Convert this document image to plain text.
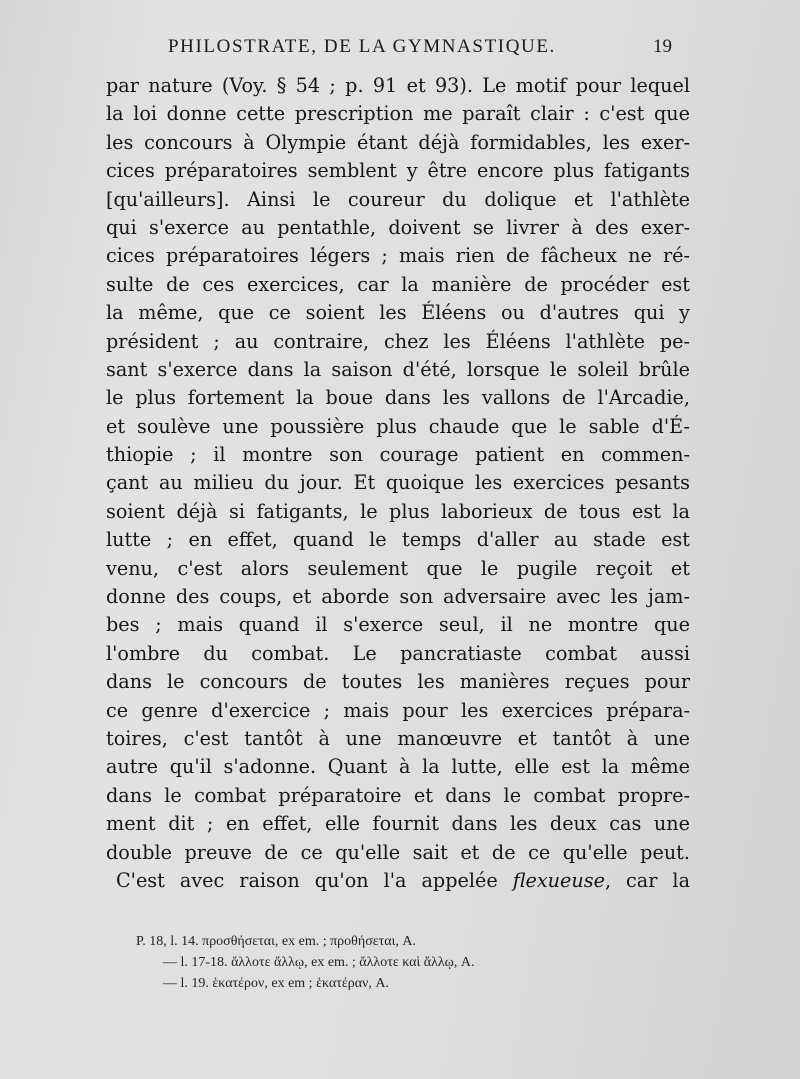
PHILOSTRATE, DE LA GYMNASTIQUE.	19
par nature (Voy. § 54 ; p. 91 et 93). Le motif pour lequel
la loi donne cette prescription me paraît clair : c'est que
les concours à Olympie étant déjà formidables, les exer-
cices préparatoires semblent y être encore plus fatigants
[qu'ailleurs]. Ainsi le coureur du dolique et l'athlète
qui s'exerce au pentathle, doivent se livrer à des exer-
cices préparatoires légers ; mais rien de fâcheux ne ré-
sulte de ces exercices, car la manière de procéder est
la même, que ce soient les Éléens ou d'autres qui y
président ; au contraire, chez les Éléens l'athlète pe-
sant s'exerce dans la saison d'été, lorsque le soleil brûle
le plus fortement la boue dans les vallons de l'Arcadie,
et soulève une poussière plus chaude que le sable d'É-
thiopie ; il montre son courage patient en commen-
çant au milieu du jour. Et quoique les exercices pesants
soient déjà si fatigants, le plus laborieux de tous est la
lutte ; en effet, quand le temps d'aller au stade est
venu, c'est alors seulement que le pugile reçoit et
donne des coups, et aborde son adversaire avec les jam-
bes ; mais quand il s'exerce seul, il ne montre que
l'ombre du combat. Le pancratiaste combat aussi
dans le concours de toutes les manières reçues pour
ce genre d'exercice ; mais pour les exercices prépara-
toires, c'est tantôt à une manœuvre et tantôt à une
autre qu'il s'adonne. Quant à la lutte, elle est la même
dans le combat préparatoire et dans le combat propre-
ment dit ; en effet, elle fournit dans les deux cas une
double preuve de ce qu'elle sait et de ce qu'elle peut.
C'est avec raison qu'on l'a appelée flexueuse, car la
P. 18, l. 14. προσθήσεται, ex em. ; προθήσεται, A.
— l. 17-18. ἄλλοτε ἄλλῳ, ex em. ; ἄλλοτε καὶ ἄλλῳ, A.
— l. 19. ἑκατέρον, ex em ; ἑκατέραν, A.
